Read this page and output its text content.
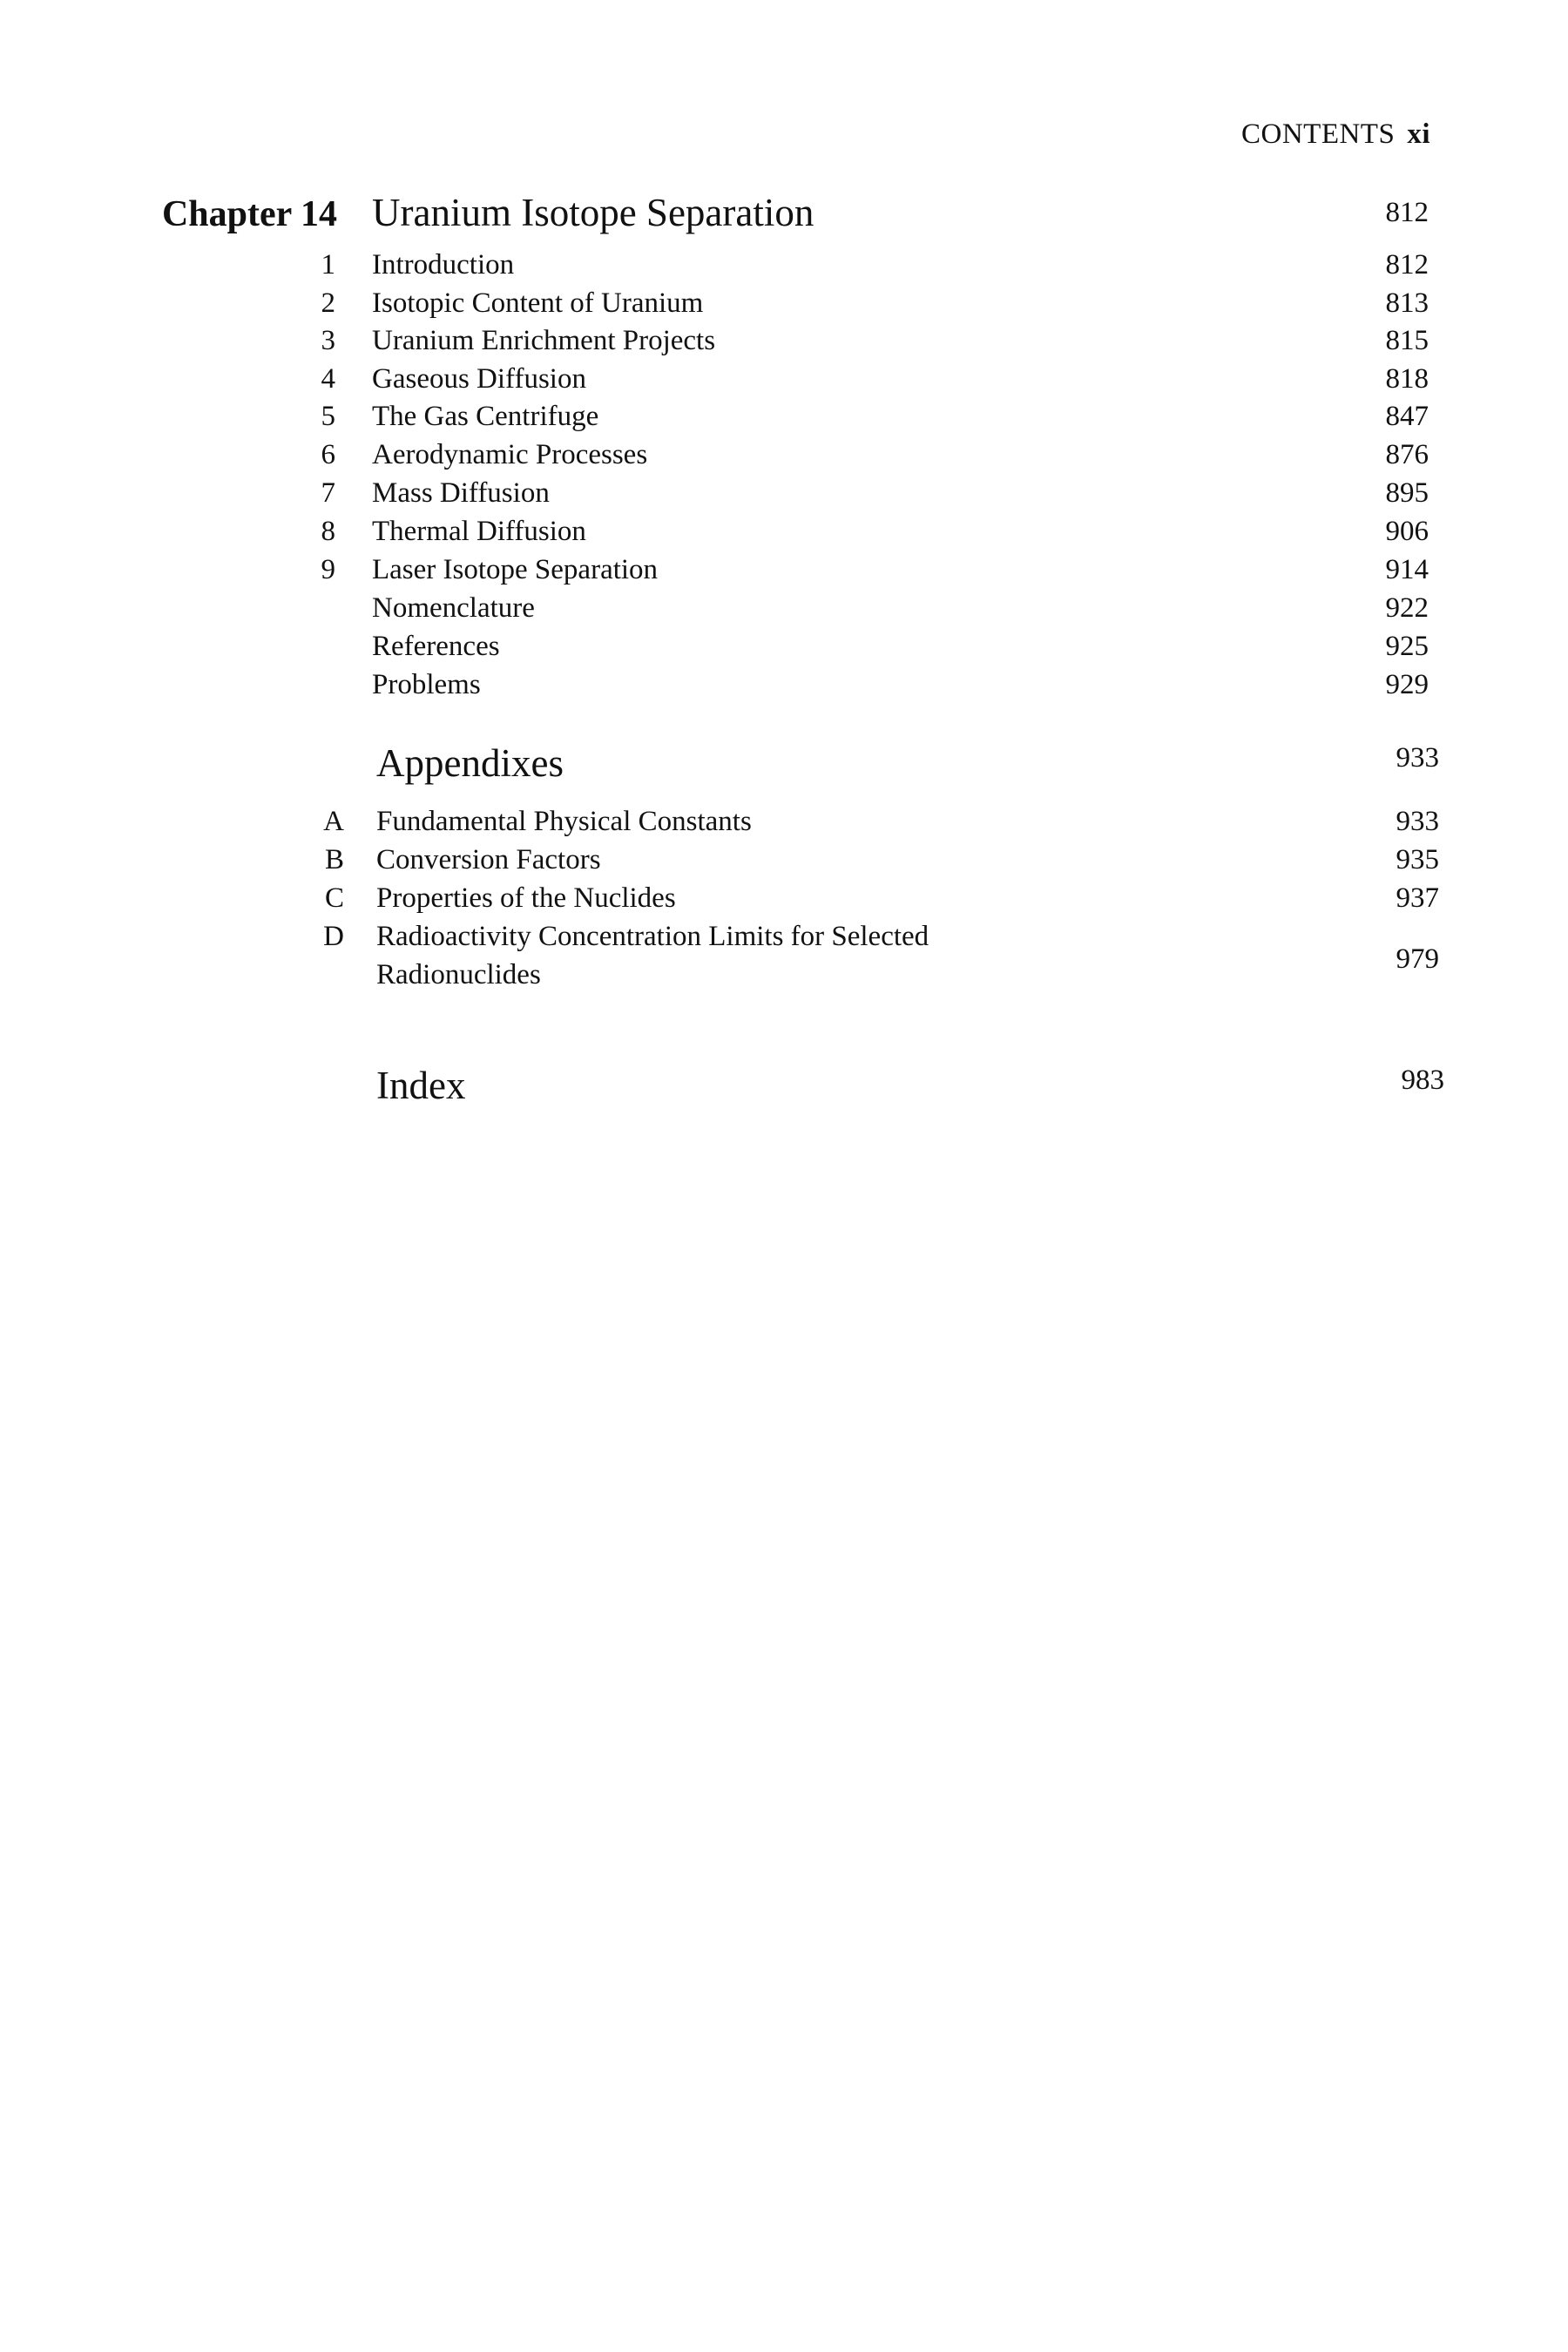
CONTENTS xi
Chapter 14 Uranium Isotope Separation	812
1 Introduction	812
2 Isotopic Content of Uranium	813
3 Uranium Enrichment Projects	815
4 Gaseous Diffusion	818
5 The Gas Centrifuge	847
6 Aerodynamic Processes	876
7 Mass Diffusion	895
8 Thermal Diffusion	906
9 Laser Isotope Separation	914
Nomenclature	922
References	925
Problems	929
Appendixes	933
A Fundamental Physical Constants	933
B Conversion Factors	935
C Properties of the Nuclides	937
D Radioactivity Concentration Limits for Selected
Radionuclides	979
Index	983
